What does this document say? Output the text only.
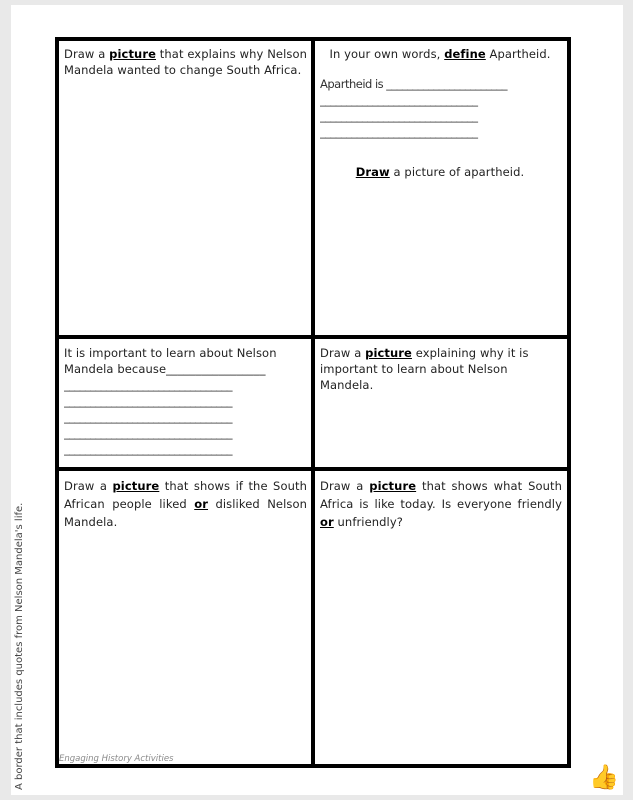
Draw a picture that explains why Nelson Mandela wanted to change South Africa.

In your own words, define Apartheid.

Apartheid is _______________________
______________________________
______________________________
______________________________

Draw a picture of apartheid.

It is important to learn about Nelson Mandela because_________________

________________________________
________________________________
________________________________
________________________________
________________________________

Draw a picture explaining why it is important to learn about Nelson Mandela.

Draw a picture that shows if the South African people liked or disliked Nelson Mandela.

Draw a picture that shows what South Africa is like today. Is everyone friendly or unfriendly?

Engaging History Activities
A border that includes quotes from Nelson Mandela's life.	👍
